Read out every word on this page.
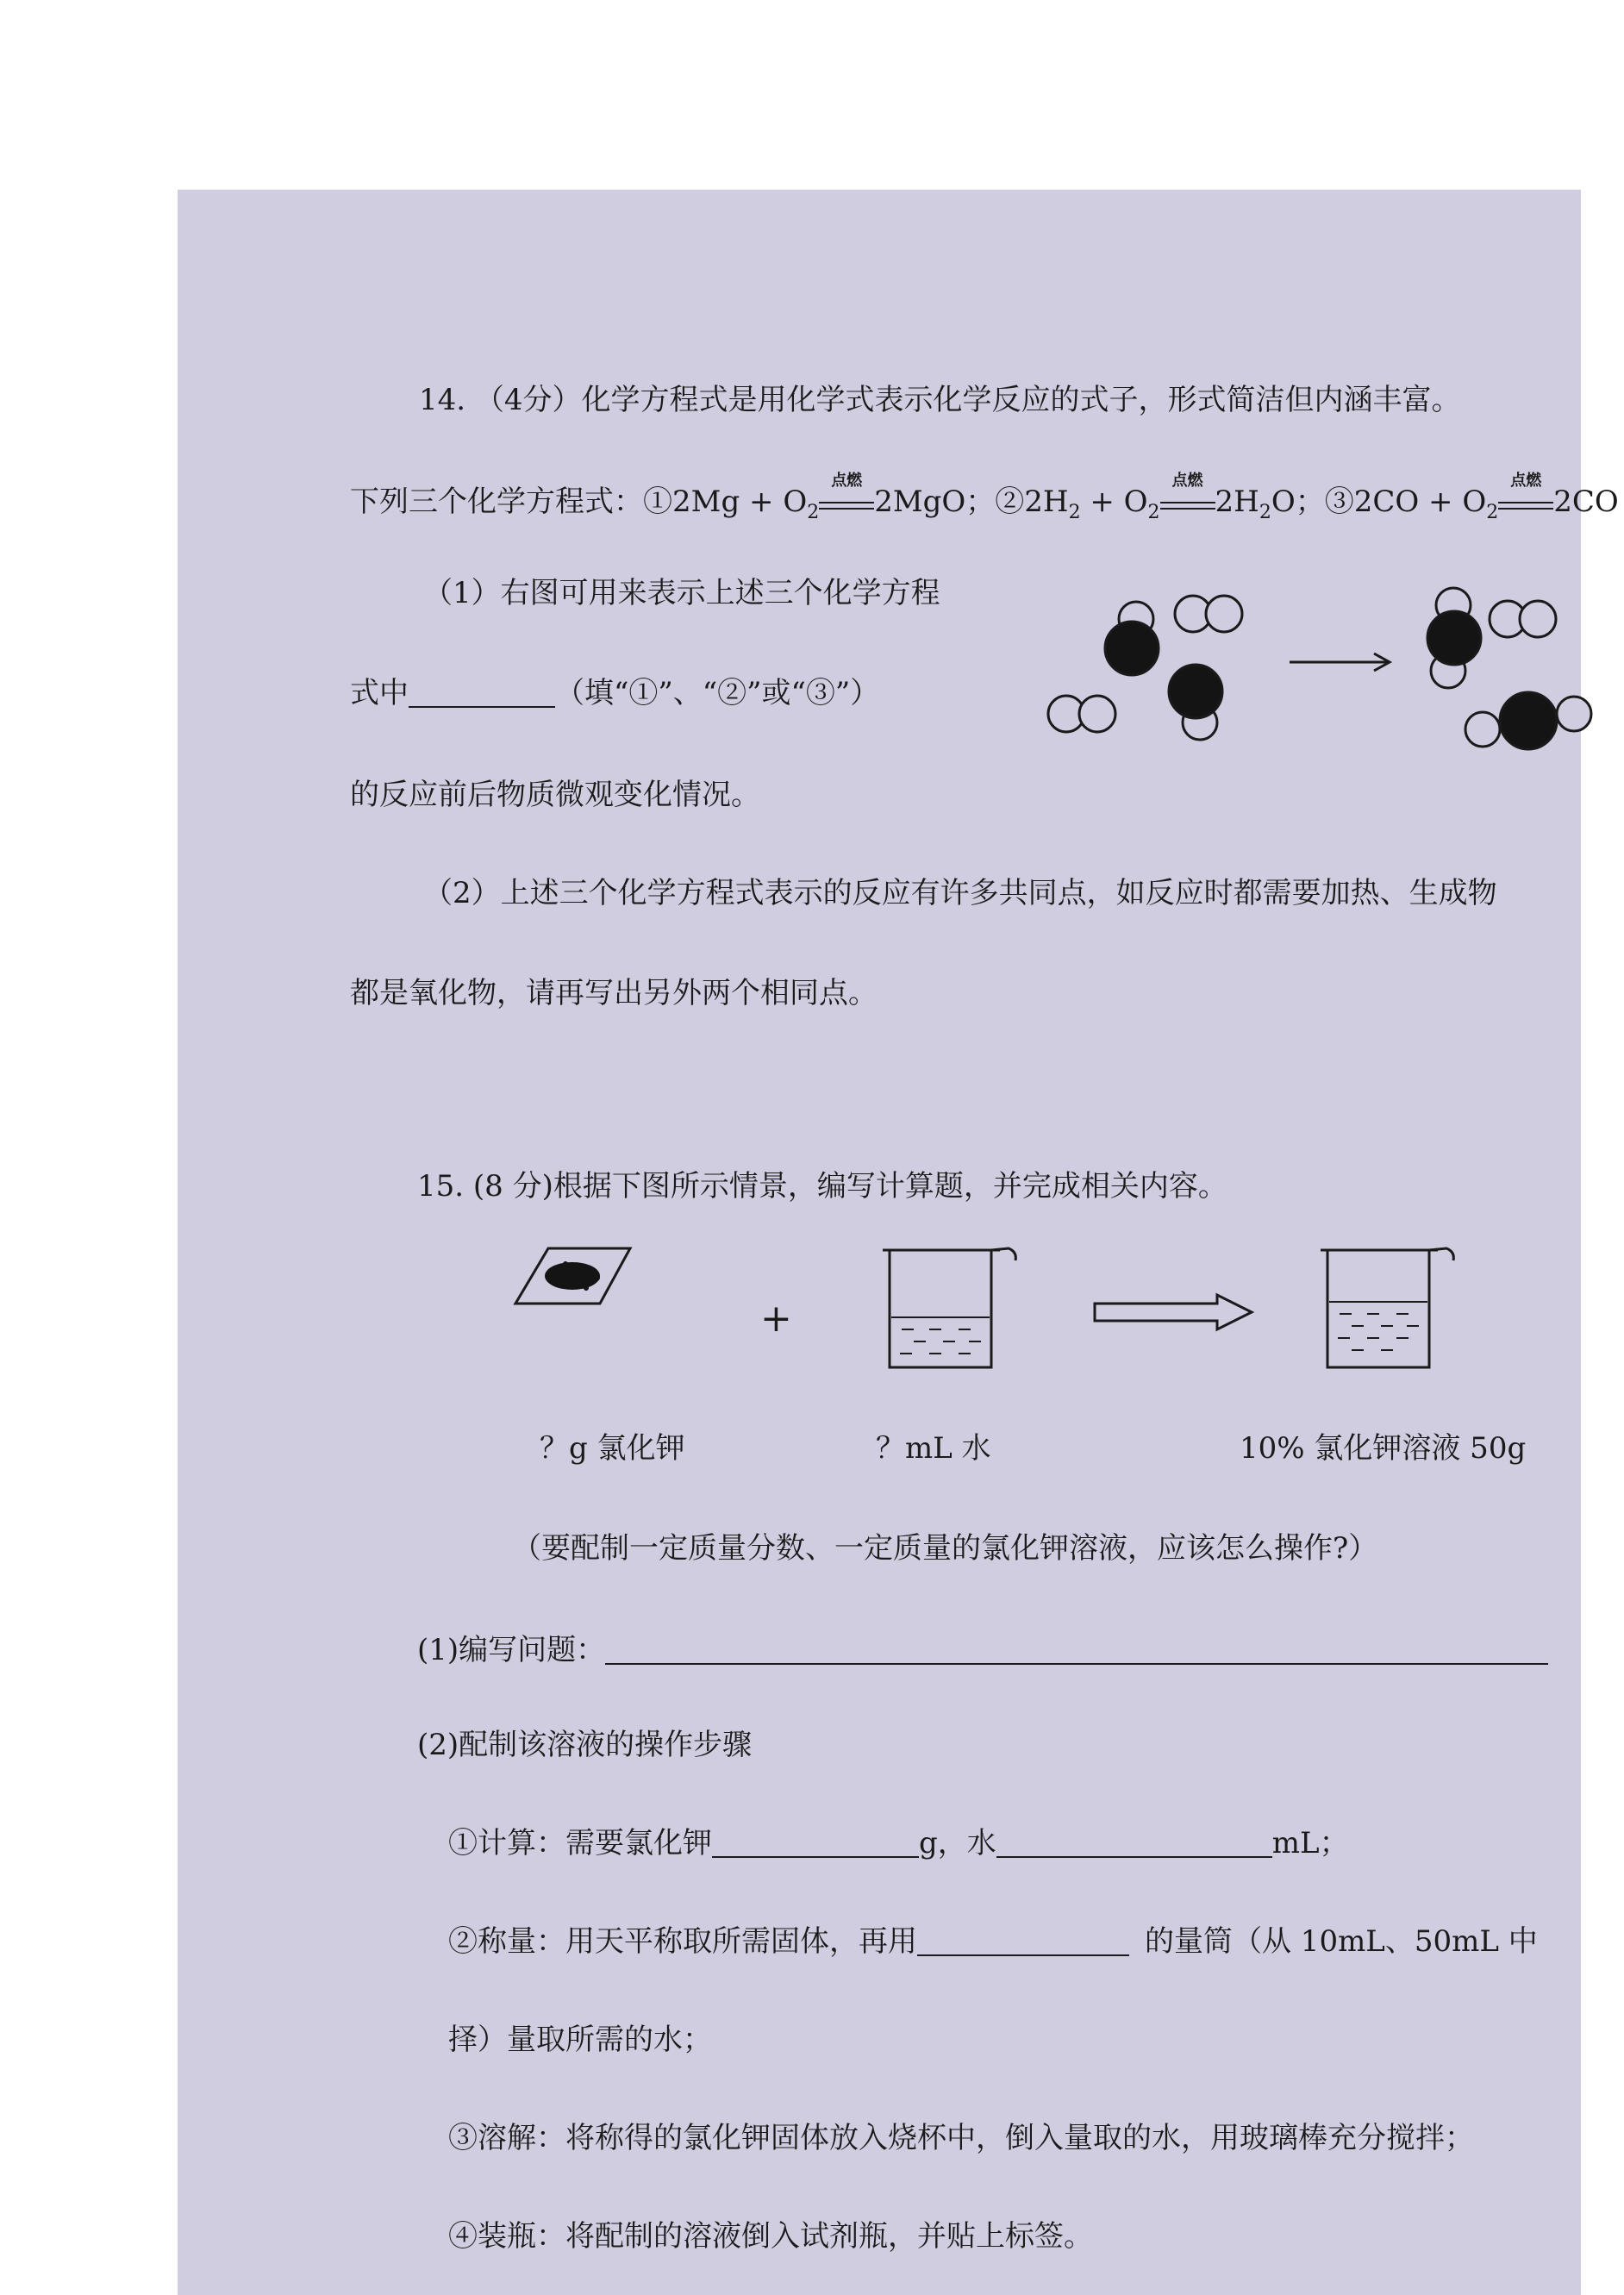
14. （4分）化学方程式是用化学式表示化学反应的式子，形式简洁但内涵丰富。
下列三个化学方程式：①2Mg + $O_2$
点燃
2MgO；$②2H_2 + O_2$
点燃
$2H_2O$；③2CO + $O_2$
点燃
2CO
（1）右图可用来表示上述三个化学方程
式中	（填“①”、“②”或“③”）
的反应前后物质微观变化情况。
（2）上述三个化学方程式表示的反应有许多共同点，如反应时都需要加热、生成物
都是氧化物，请再写出另外两个相同点。
15. (8 分)根据下图所示情景，编写计算题，并完成相关内容。
+
？g 氯化钾	？mL 水	10% 氯化钾溶液 50g
（要配制一定质量分数、一定质量的氯化钾溶液，应该怎么操作?）
(1)编写问题：
(2)配制该溶液的操作步骤
①计算：需要氯化钾	g，水	mL；
②称量：用天平称取所需固体，再用	的量筒（从 10mL、50mL 中
择）量取所需的水；
③溶解：将称得的氯化钾固体放入烧杯中，倒入量取的水，用玻璃棒充分搅拌；
④装瓶：将配制的溶液倒入试剂瓶，并贴上标签。
